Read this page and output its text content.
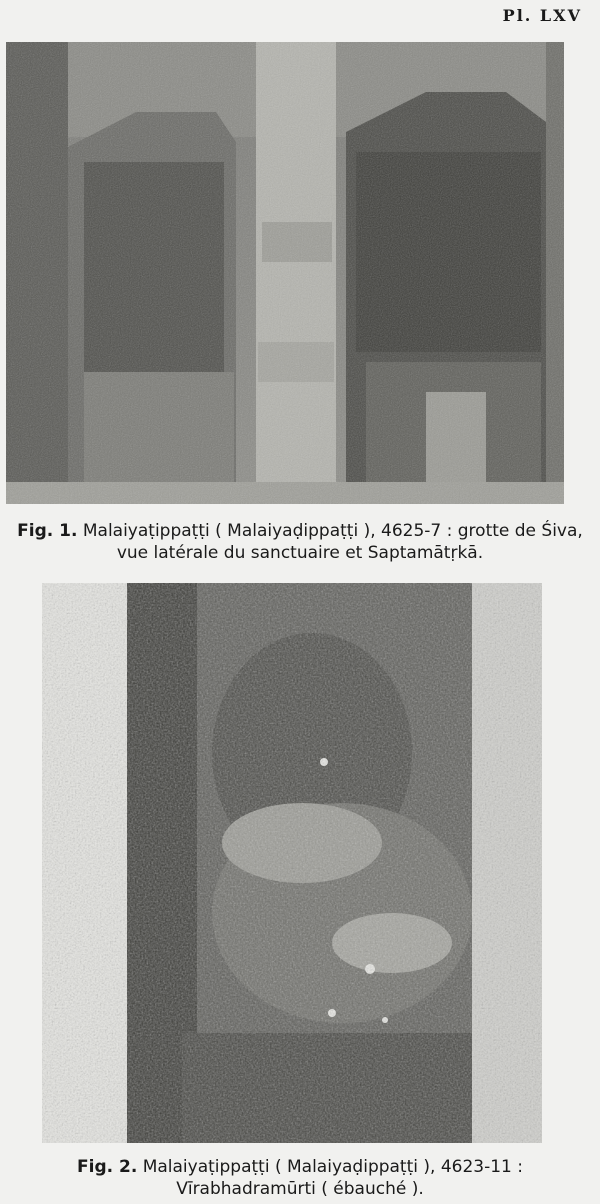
Pl. LXV
Fig. 1. Malaiyaṭippaṭṭi ( Malaiyaḍippaṭṭi ), 4625-7 : grotte de Śiva,
vue latérale du sanctuaire et Saptamātṛkā.
Fig. 2. Malaiyaṭippaṭṭi ( Malaiyaḍippaṭṭi ), 4623-11 :
Vīrabhadramūrti ( ébauché ).
